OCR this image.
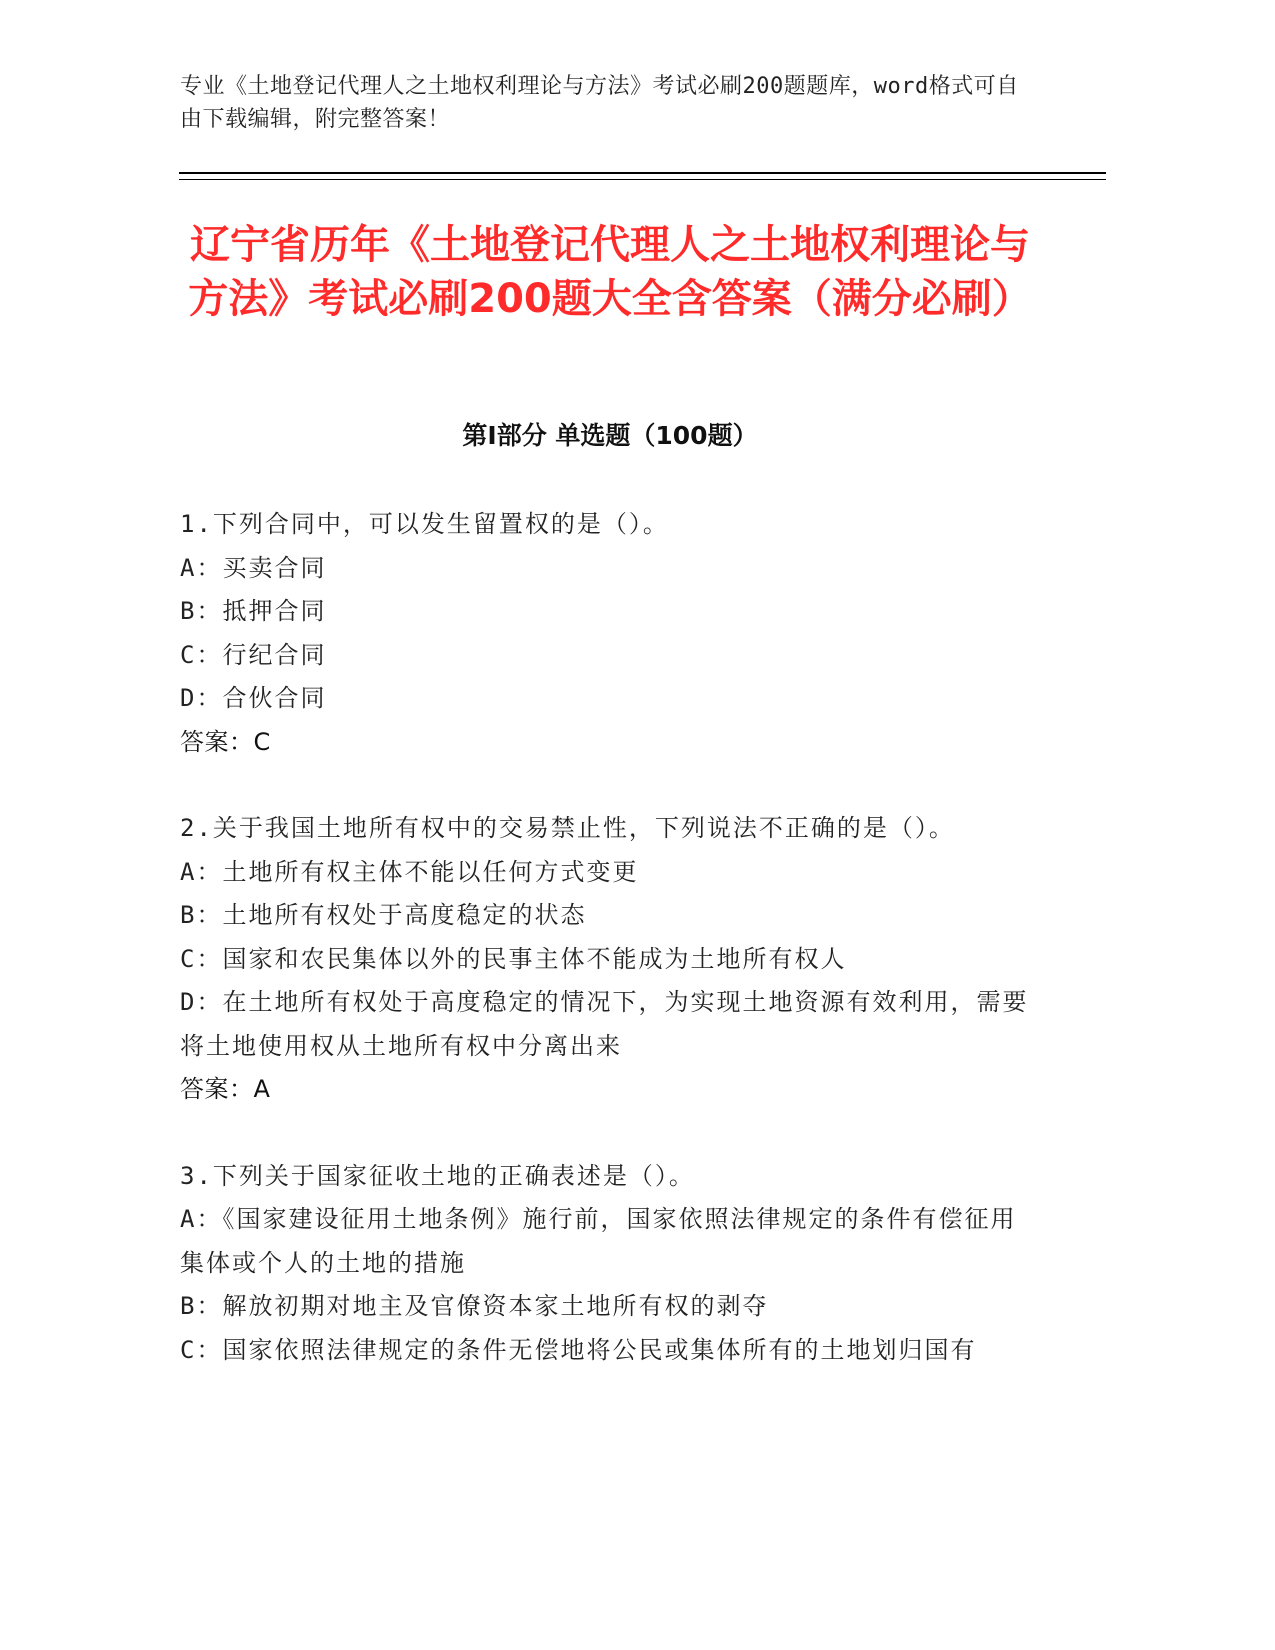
专业《土地登记代理人之土地权利理论与方法》考试必刷200题题库，word格式可自由下载编辑，附完整答案！
辽宁省历年《土地登记代理人之土地权利理论与方法》考试必刷200题大全含答案（满分必刷）
第Ⅰ部分 单选题（100题）
1.下列合同中，可以发生留置权的是（）。
A：买卖合同
B：抵押合同
C：行纪合同
D：合伙合同
答案：C
2.关于我国土地所有权中的交易禁止性，下列说法不正确的是（）。
A：土地所有权主体不能以任何方式变更
B：土地所有权处于高度稳定的状态
C：国家和农民集体以外的民事主体不能成为土地所有权人
D：在土地所有权处于高度稳定的情况下，为实现土地资源有效利用，需要将土地使用权从土地所有权中分离出来
答案：A
3.下列关于国家征收土地的正确表述是（）。
A：《国家建设征用土地条例》施行前，国家依照法律规定的条件有偿征用集体或个人的土地的措施
B：解放初期对地主及官僚资本家土地所有权的剥夺
C：国家依照法律规定的条件无偿地将公民或集体所有的土地划归国有
